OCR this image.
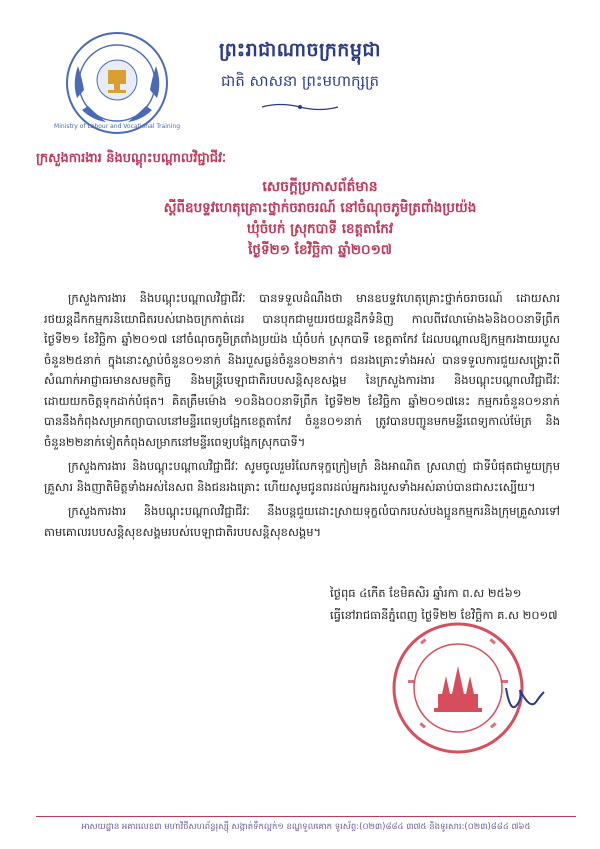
Ministry of Labour and Vocational Training
ព្រះរាជាណាចក្រកម្ពុជា
ជាតិ សាសនា ព្រះមហាក្សត្រ
ក្រសួងការងារ និងបណ្តុះបណ្តាលវិជ្ជាជីវៈ
សេចក្តីប្រកាសព័ត៌មាន
ស្តីពីឧបទ្ទវហេតុគ្រោះថ្នាក់ចរាចរណ៍ នៅចំណុចភូមិត្រពាំងប្រយ៉ង
ឃុំចំបក់ ស្រុកបាទី ខេត្តតាកែវ
ថ្ងៃទី២១ ខែវិច្ឆិកា ឆ្នាំ២០១៧

ក្រសួងការងារ និងបណ្តុះបណ្តាលវិជ្ជាជីវៈ បានទទួលដំណឹងថា មានឧបទ្ទវហេតុគ្រោះថ្នាក់ចរាចរណ៍ ដោយសាររថយន្តដឹកកម្មករនិយោជិតរបស់រោងចក្រកាត់ដេរ បានបុកជាមួយរថយន្តដឹកទំនិញ កាលពីវេលាម៉ោង៦និង០០នាទីព្រឹក ថ្ងៃទី២១ ខែវិច្ឆិកា ឆ្នាំ២០១៧ នៅចំណុចភូមិត្រពាំងប្រយ៉ង ឃុំចំបក់ ស្រុកបាទី ខេត្តតាកែវ ដែលបណ្តាលឱ្យកម្មករងាយរបួស ចំនួន២៥នាក់ ក្នុងនោះស្លាប់ចំនួន០១នាក់ និងរបួសធ្ងន់ចំនួន០២នាក់។ ជនរងគ្រោះទាំងអស់ បានទទួលការជួយសង្គ្រោះពីសំណាក់អាជ្ញាធរមានសមត្ថកិច្ច និងមន្ត្រីបេឡាជាតិរបបសន្តិសុខសង្គម នៃក្រសួងការងារ និងបណ្តុះបណ្តាលវិជ្ជាជីវៈ ដោយយកចិត្តទុកដាក់បំផុត។ គិតត្រឹមម៉ោង ១០និង០០នាទីព្រឹក ថ្ងៃទី២២ ខែវិច្ឆិកា ឆ្នាំ២០១៧នេះ កម្មករចំនួន០១នាក់ បាននឹងកំពុងសម្រាកព្យាបាលនៅមន្ទីរពេទ្យបង្អែកខេត្តតាកែវ ចំនួន០១នាក់ ត្រូវបានបញ្ជូនមកមន្ទីរពេទ្យកាល់ម៉ែត្រ និងចំនួន២២នាក់ទៀតកំពុងសម្រាកនៅមន្ទីរពេទ្យបង្អែកស្រុកបាទី។

ក្រសួងការងារ និងបណ្តុះបណ្តាលវិជ្ជាជីវៈ សូមចូលរួមរំលែកទុក្ខក្រៀមក្រំ និងអាណិត ស្រលាញ់ ជាទីបំផុតជាមួយក្រុមគ្រួសារ និងញាតិមិត្តទាំងអស់នៃសព និងជនរងគ្រោះ ហើយសូមជូនពរដល់អ្នករងរបួសទាំងអស់ឆាប់បានជាសះស្បើយ។

ក្រសួងការងារ និងបណ្តុះបណ្តាលវិជ្ជាជីវៈ នឹងបន្តជួយដោះស្រាយទុក្ខលំបាករបស់បងប្អូនកម្មករនិងក្រុមគ្រួសារទៅតាមគោលរបបសន្តិសុខសង្គមរបស់បេឡាជាតិរបបសន្តិសុខសង្គម។

ថ្ងៃពុធ ៤កើត ខែមិគសិរ ឆ្នាំរកា ព.ស ២៥៦១
ធ្វើនៅរាជធានីភ្នំពេញ ថ្ងៃទី២២ ខែវិច្ឆិកា គ.ស ២០១៧
អាសយដ្ឋាន អគារលេខ៣ មហាវិថីសហព័ន្ធរុស្ស៊ី សង្កាត់ទឹកល្អក់១ ខណ្ឌទួលគោក ទូរស័ព្ទ:(០២៣)៨៨៤ ៣៧៥ និងទូរសារ:(០២៣)៨៨៤ ៧៦៥
